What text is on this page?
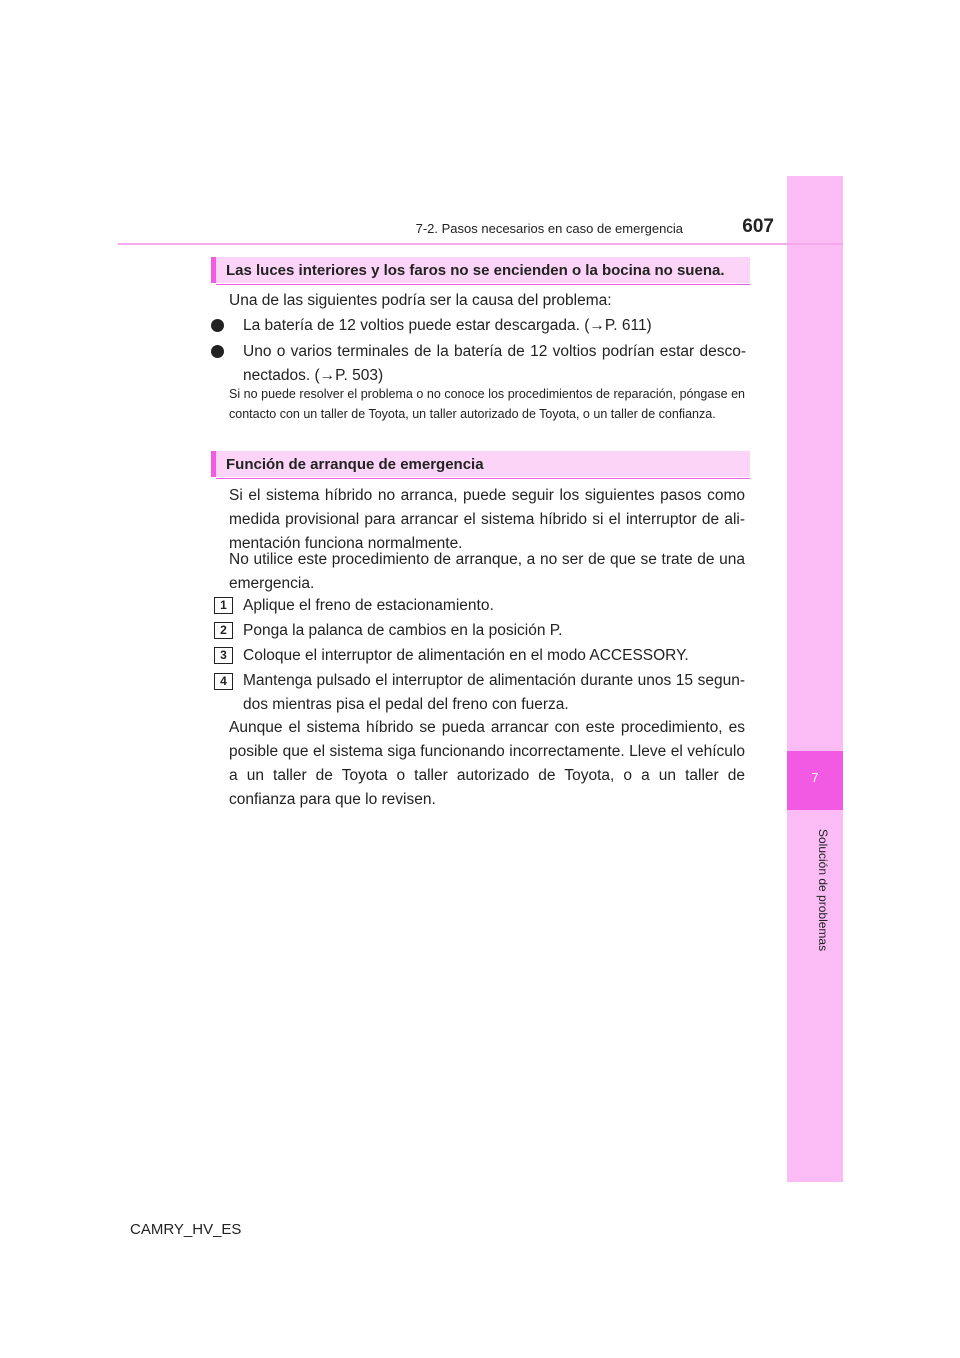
7
Solución de problemas
7-2. Pasos necesarios en caso de emergencia	607
Las luces interiores y los faros no se encienden o la bocina no suena.
Una de las siguientes podría ser la causa del problema:
La batería de 12 voltios puede estar descargada. (→P. 611)
Uno o varios terminales de la batería de 12 voltios podrían estar desco-nectados. (→P. 503)
Si no puede resolver el problema o no conoce los procedimientos de reparación, póngase en contacto con un taller de Toyota, un taller autorizado de Toyota, o un taller de confianza.
Función de arranque de emergencia
Si el sistema híbrido no arranca, puede seguir los siguientes pasos como medida provisional para arrancar el sistema híbrido si el interruptor de ali-mentación funciona normalmente.
No utilice este procedimiento de arranque, a no ser de que se trate de una emergencia.
1	Aplique el freno de estacionamiento.
2	Ponga la palanca de cambios en la posición P.
3	Coloque el interruptor de alimentación en el modo ACCESSORY.
4	Mantenga pulsado el interruptor de alimentación durante unos 15 segun-dos mientras pisa el pedal del freno con fuerza.
Aunque el sistema híbrido se pueda arrancar con este procedimiento, es posible que el sistema siga funcionando incorrectamente. Lleve el vehículo a un taller de Toyota o taller autorizado de Toyota, o a un taller de confianza para que lo revisen.
CAMRY_HV_ES
